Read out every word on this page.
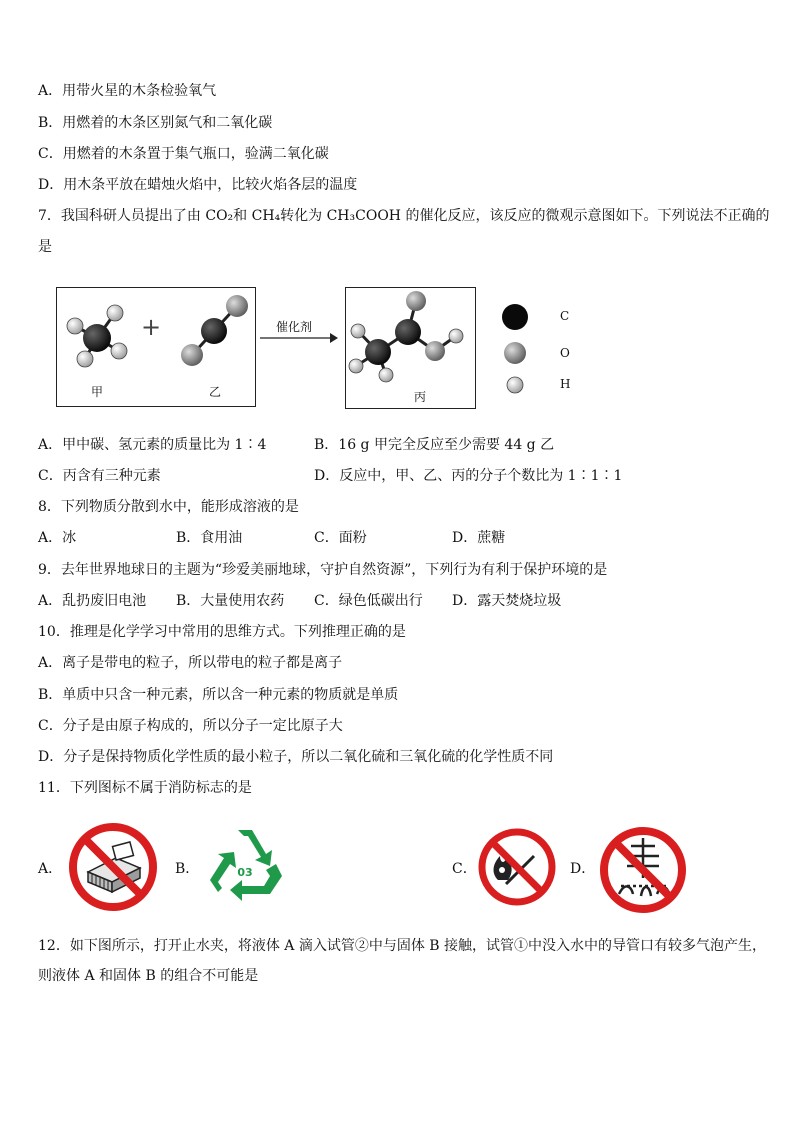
A．用带火星的木条检验氧气
B．用燃着的木条区别氮气和二氧化碳
C．用燃着的木条置于集气瓶口，验满二氧化碳
D．用木条平放在蜡烛火焰中，比较火焰各层的温度
7．我国科研人员提出了由 CO₂和 CH₄转化为 CH₃COOH 的催化反应，该反应的微观示意图如下。下列说法不正确的
是
甲	乙
+	催化剂
丙
C
O
H
A．甲中碳、氢元素的质量比为 1∶4	B．16 g 甲完全反应至少需要 44 g 乙
C．丙含有三种元素	D．反应中，甲、乙、丙的分子个数比为 1∶1∶1
8．下列物质分散到水中，能形成溶液的是
A．冰	B．食用油	C．面粉	D．蔗糖
9．去年世界地球日的主题为“珍爱美丽地球，守护自然资源”，下列行为有利于保护环境的是
A．乱扔废旧电池 B．大量使用农药 C．绿色低碳出行 D．露天焚烧垃圾
10．推理是化学学习中常用的思维方式。下列推理正确的是
A．离子是带电的粒子，所以带电的粒子都是离子
B．单质中只含一种元素，所以含一种元素的物质就是单质
C．分子是由原子构成的，所以分子一定比原子大
D．分子是保持物质化学性质的最小粒子，所以二氧化硫和三氧化硫的化学性质不同
11．下列图标不属于消防标志的是
A．	B．	03	C．	D．
12．如下图所示，打开止水夹，将液体 A 滴入试管②中与固体 B 接触，试管①中没入水中的导管口有较多气泡产生，
则液体 A 和固体 B 的组合不可能是
